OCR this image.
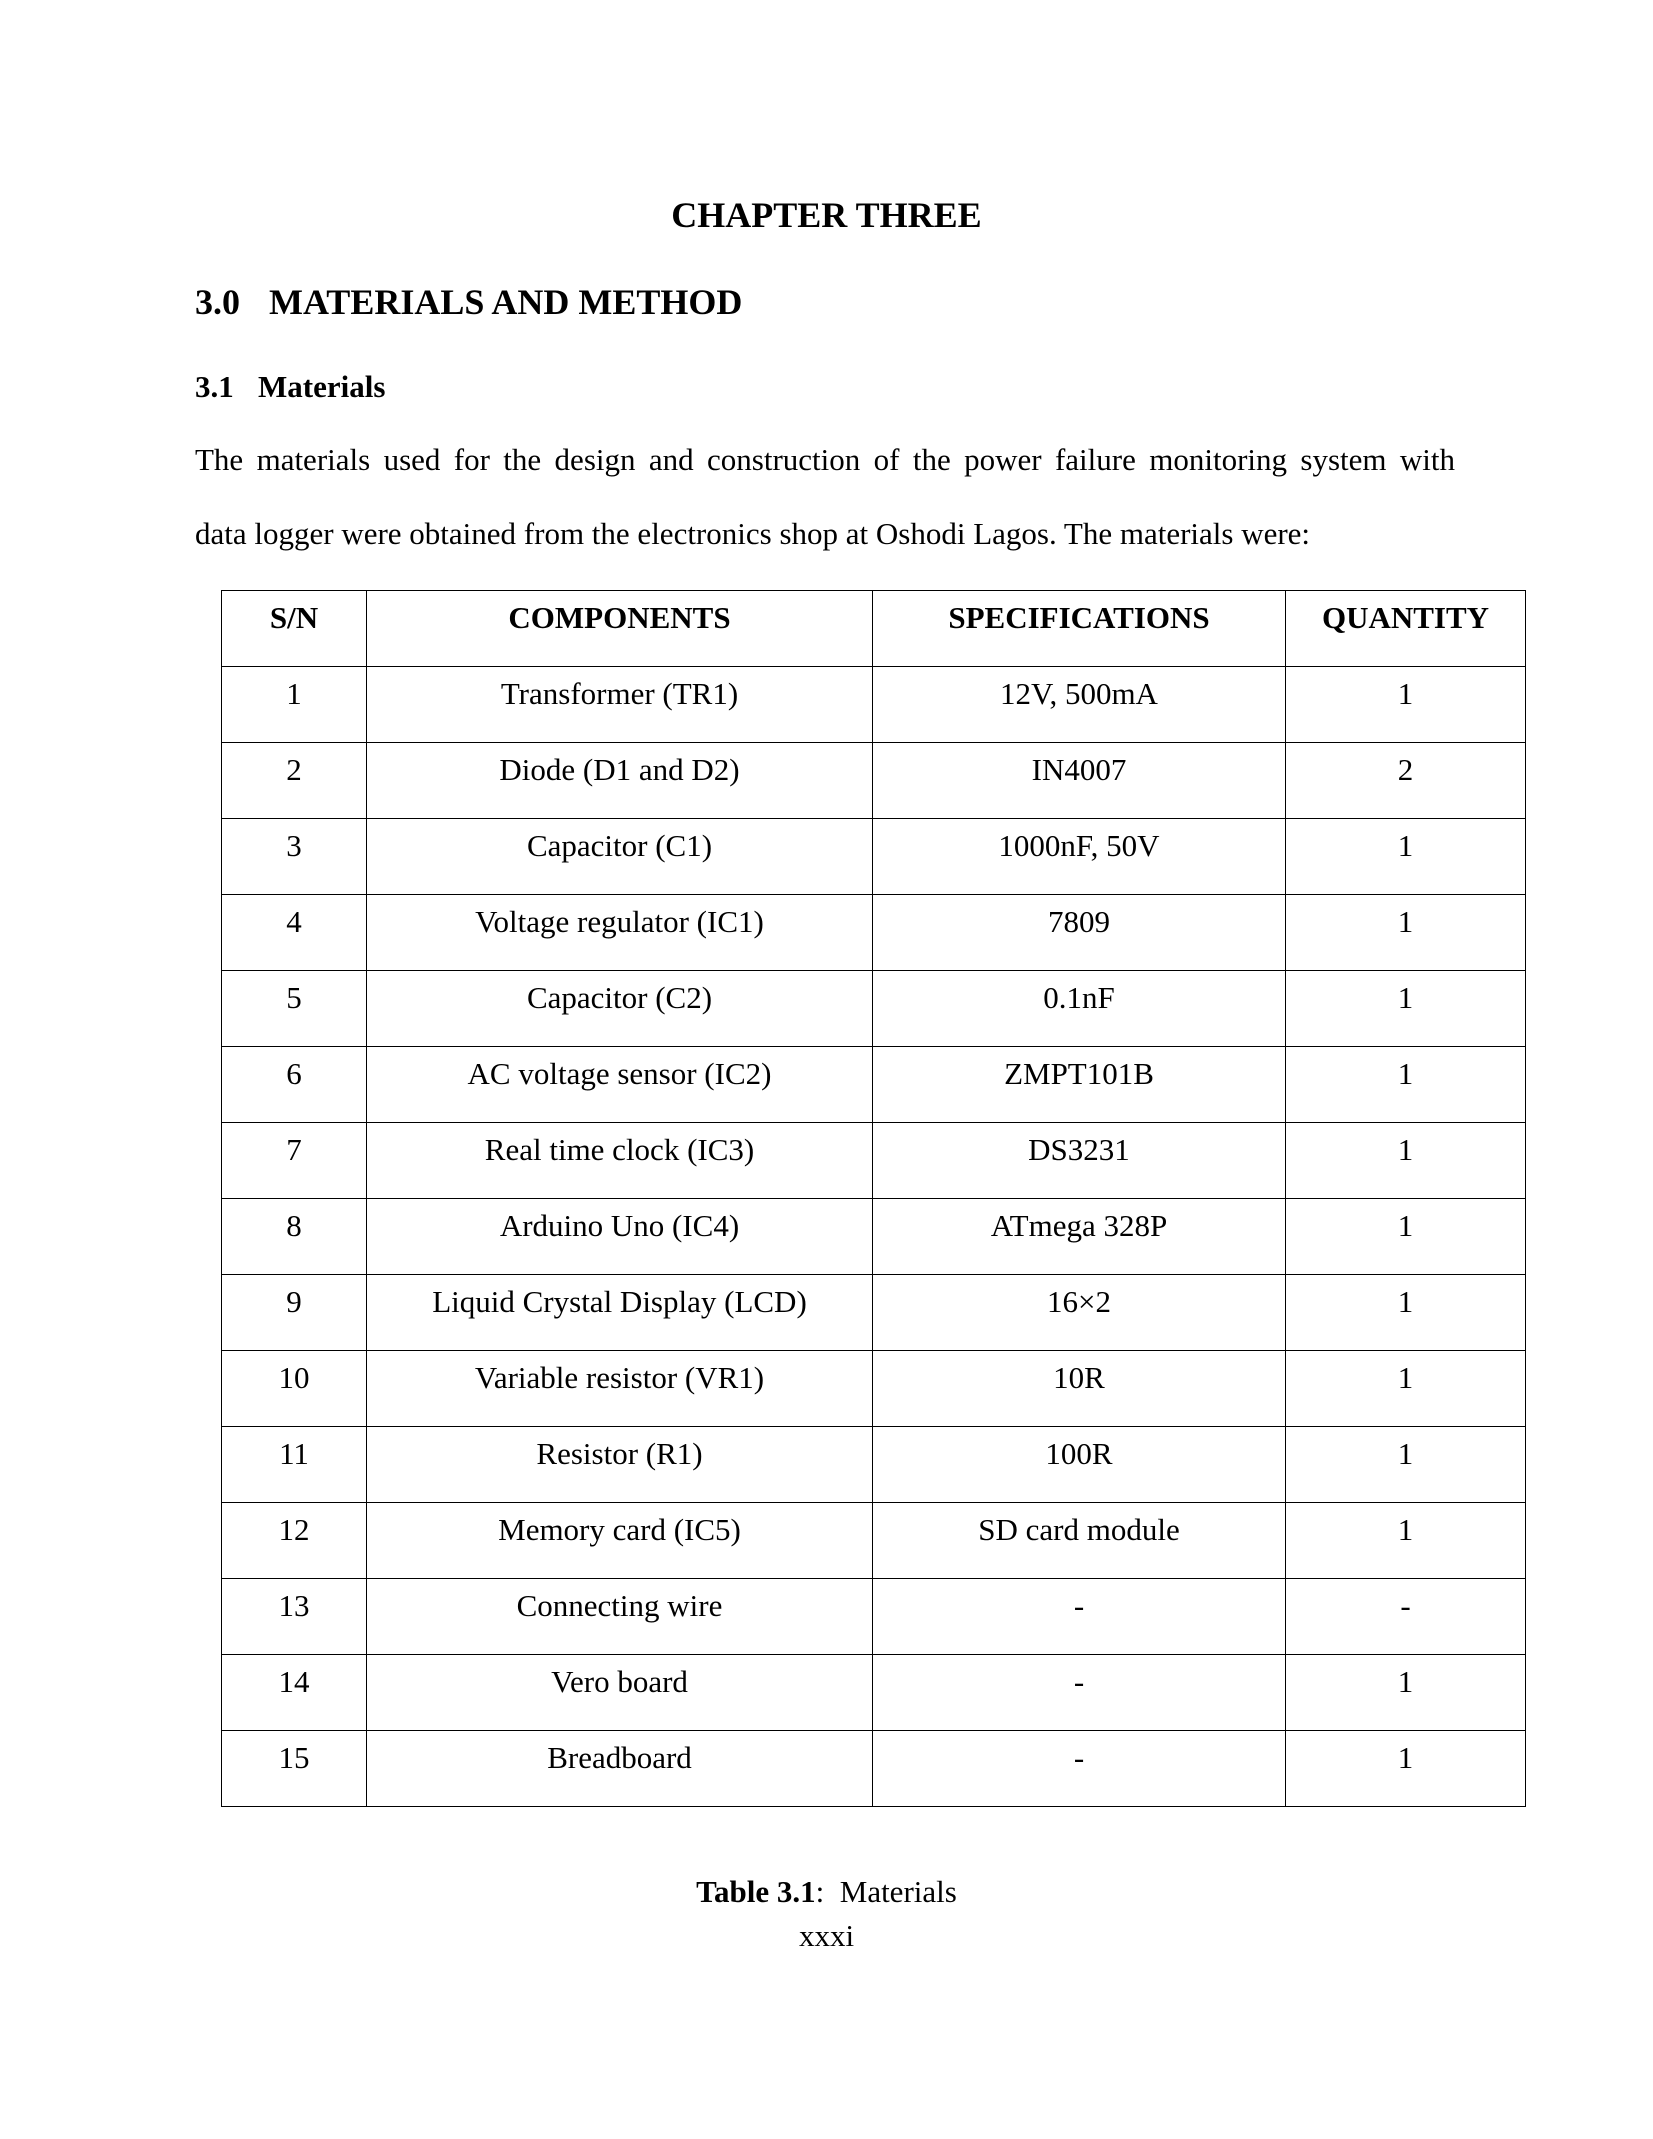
CHAPTER THREE
3.0 MATERIALS AND METHOD
3.1 Materials
The materials used for the design and construction of the power failure monitoring system with
data logger were obtained from the electronics shop at Oshodi Lagos. The materials were:
S/N	COMPONENTS	SPECIFICATIONS	QUANTITY
1	Transformer (TR1)	12V, 500mA	1
2	Diode (D1 and D2)	IN4007	2
3	Capacitor (C1)	1000nF, 50V	1
4	Voltage regulator (IC1)	7809	1
5	Capacitor (C2)	0.1nF	1
6	AC voltage sensor (IC2)	ZMPT101B	1
7	Real time clock (IC3)	DS3231	1
8	Arduino Uno (IC4)	ATmega 328P	1
9	Liquid Crystal Display (LCD)	16×2	1
10	Variable resistor (VR1)	10R	1
11	Resistor (R1)	100R	1
12	Memory card (IC5)	SD card module	1
13	Connecting wire	-	-
14	Vero board	-	1
15	Breadboard	-	1
Table 3.1:  Materials
xxxi
